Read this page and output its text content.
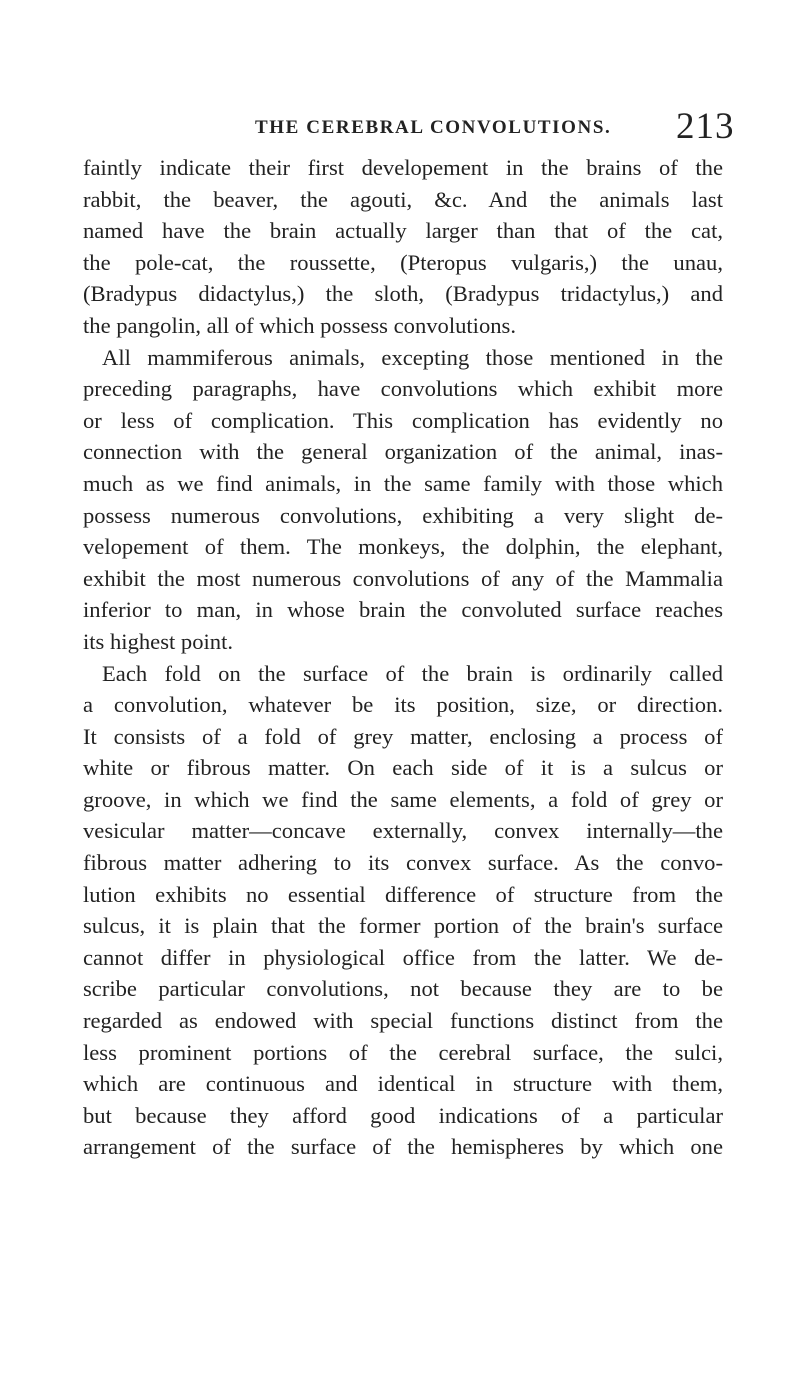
THE CEREBRAL CONVOLUTIONS. 213
faintly indicate their first developement in the brains of the
rabbit, the beaver, the agouti, &c. And the animals last
named have the brain actually larger than that of the cat,
the pole-cat, the roussette, (Pteropus vulgaris,) the unau,
(Bradypus didactylus,) the sloth, (Bradypus tridactylus,) and
the pangolin, all of which possess convolutions.
All mammiferous animals, excepting those mentioned in the
preceding paragraphs, have convolutions which exhibit more
or less of complication. This complication has evidently no
connection with the general organization of the animal, inas-
much as we find animals, in the same family with those which
possess numerous convolutions, exhibiting a very slight de-
velopement of them. The monkeys, the dolphin, the elephant,
exhibit the most numerous convolutions of any of the Mammalia
inferior to man, in whose brain the convoluted surface reaches
its highest point.
Each fold on the surface of the brain is ordinarily called
a convolution, whatever be its position, size, or direction.
It consists of a fold of grey matter, enclosing a process of
white or fibrous matter. On each side of it is a sulcus or
groove, in which we find the same elements, a fold of grey or
vesicular matter—concave externally, convex internally—the
fibrous matter adhering to its convex surface. As the convo-
lution exhibits no essential difference of structure from the
sulcus, it is plain that the former portion of the brain's surface
cannot differ in physiological office from the latter. We de-
scribe particular convolutions, not because they are to be
regarded as endowed with special functions distinct from the
less prominent portions of the cerebral surface, the sulci,
which are continuous and identical in structure with them,
but because they afford good indications of a particular
arrangement of the surface of the hemispheres by which one
